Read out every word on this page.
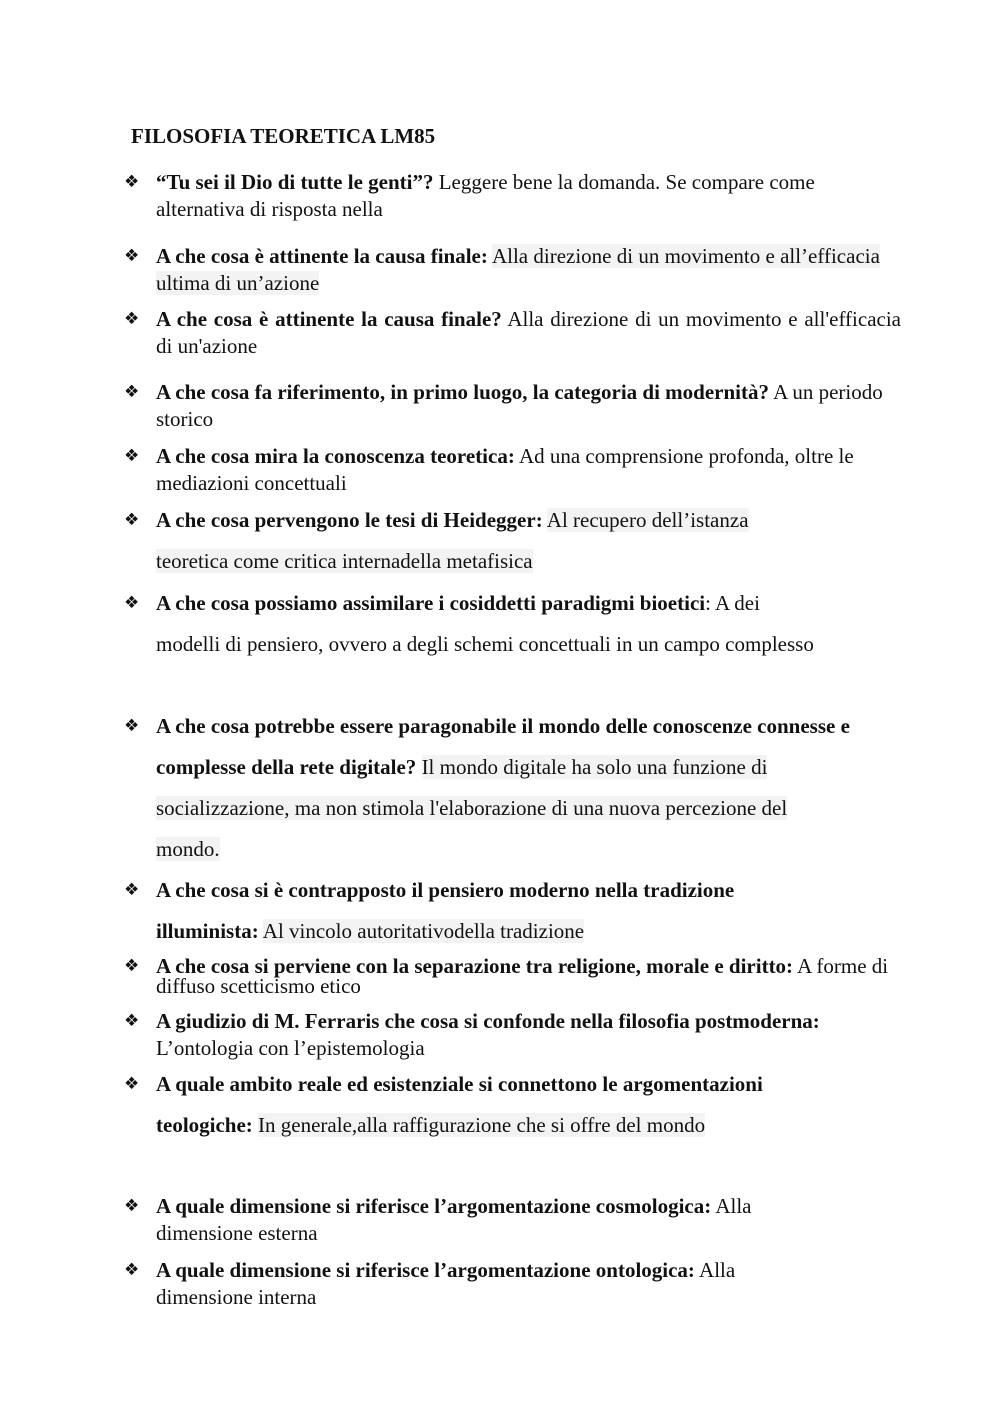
FILOSOFIA TEORETICA LM85
❖ “Tu sei il Dio di tutte le genti”? Leggere bene la domanda. Se compare come alternativa di risposta nella
❖ A che cosa è attinente la causa finale: Alla direzione di un movimento e all’efficacia ultima di un’azione
❖ A che cosa è attinente la causa finale? Alla direzione di un movimento e all'efficacia di un'azione
❖ A che cosa fa riferimento, in primo luogo, la categoria di modernità? A un periodo storico
❖ A che cosa mira la conoscenza teoretica: Ad una comprensione profonda, oltre le mediazioni concettuali
❖ A che cosa pervengono le tesi di Heidegger: Al recupero dell’istanza teoretica come critica internadella metafisica
❖ A che cosa possiamo assimilare i cosiddetti paradigmi bioetici: A dei modelli di pensiero, ovvero a degli schemi concettuali in un campo complesso
❖ A che cosa potrebbe essere paragonabile il mondo delle conoscenze connesse e complesse della rete digitale? Il mondo digitale ha solo una funzione di socializzazione, ma non stimola l'elaborazione di una nuova percezione del mondo.
❖ A che cosa si è contrapposto il pensiero moderno nella tradizione illuminista: Al vincolo autoritativodella tradizione
❖ A che cosa si perviene con la separazione tra religione, morale e diritto: A forme di diffuso scetticismo etico
❖ A giudizio di M. Ferraris che cosa si confonde nella filosofia postmoderna: L’ontologia con l’epistemologia
❖ A quale ambito reale ed esistenziale si connettono le argomentazioni teologiche: In generale,alla raffigurazione che si offre del mondo
❖ A quale dimensione si riferisce l’argomentazione cosmologica: Alla dimensione esterna
❖ A quale dimensione si riferisce l’argomentazione ontologica: Alla dimensione interna
